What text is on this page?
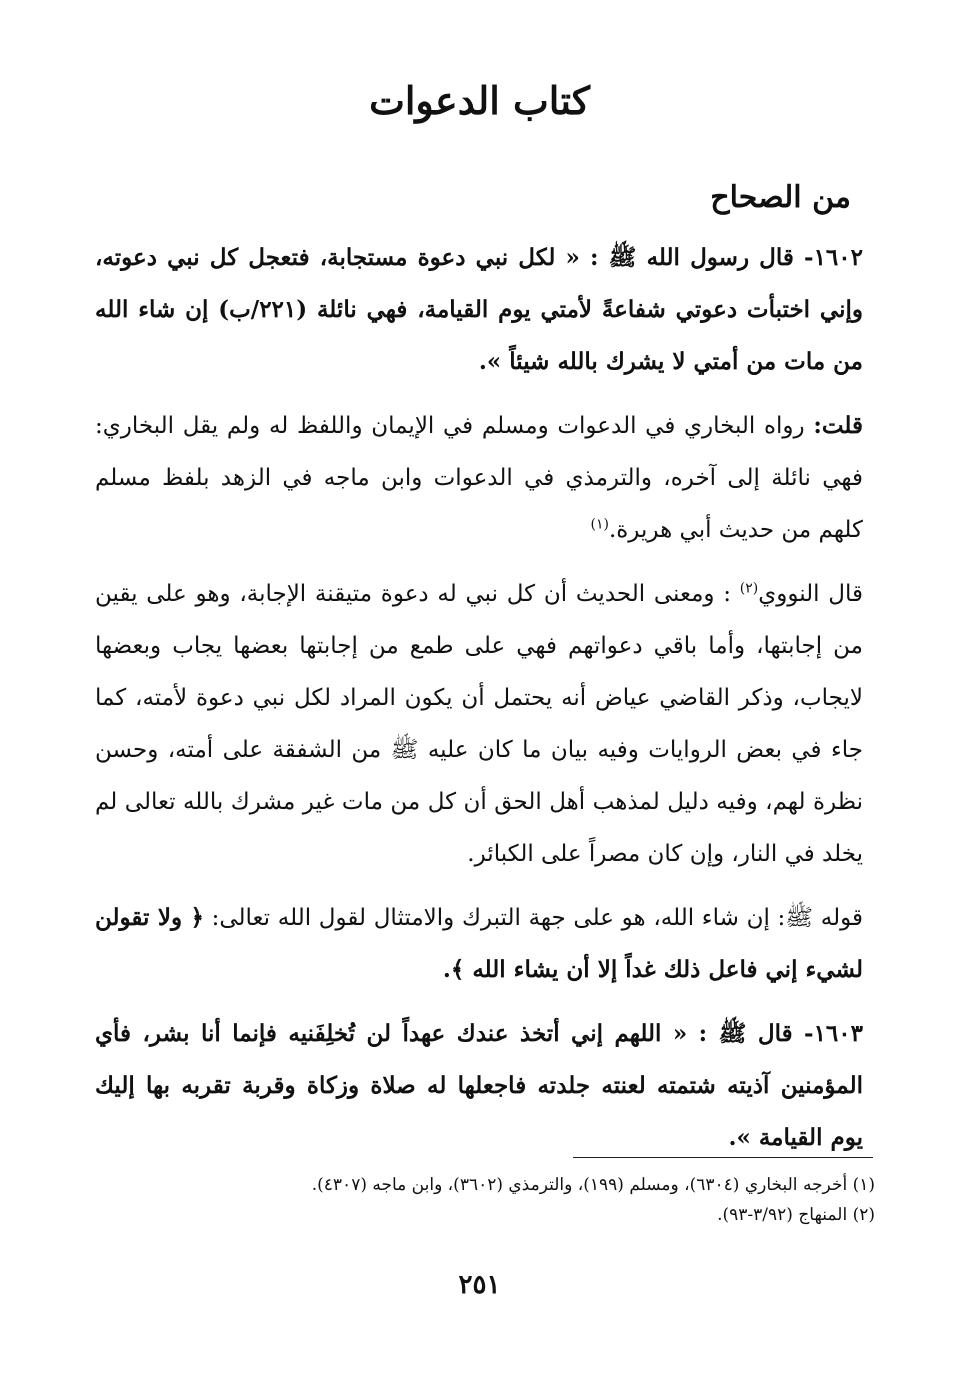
كتاب الدعوات
من الصحاح

١٦٠٢- قال رسول الله ﷺ : « لكل نبي دعوة مستجابة، فتعجل كل نبي دعوته، وإني اختبأت دعوتي شفاعةً لأمتي يوم القيامة، فهي نائلة (٢٢١/ب) إن شاء الله من مات من أمتي لا يشرك بالله شيئاً ».

قلت: رواه البخاري في الدعوات ومسلم في الإيمان واللفظ له ولم يقل البخاري: فهي نائلة إلى آخره، والترمذي في الدعوات وابن ماجه في الزهد بلفظ مسلم كلهم من حديث أبي هريرة.$^{(١)}$

قال النووي$^{(٢)}$ : ومعنى الحديث أن كل نبي له دعوة متيقنة الإجابة، وهو على يقين من إجابتها، وأما باقي دعواتهم فهي على طمع من إجابتها بعضها يجاب وبعضها لايجاب، وذكر القاضي عياض أنه يحتمل أن يكون المراد لكل نبي دعوة لأمته، كما جاء في بعض الروايات وفيه بيان ما كان عليه ﷺ من الشفقة على أمته، وحسن نظرة لهم، وفيه دليل لمذهب أهل الحق أن كل من مات غير مشرك بالله تعالى لم يخلد في النار، وإن كان مصراً على الكبائر.

قوله ﷺ: إن شاء الله، هو على جهة التبرك والامتثال لقول الله تعالى: ﴿ ولا تقولن لشيء إني فاعل ذلك غداً إلا أن يشاء الله ﴾.

١٦٠٣- قال ﷺ : « اللهم إني أتخذ عندك عهداً لن تُخلِفَنيه فإنما أنا بشر، فأي المؤمنين آذيته شتمته لعنته جلدته فاجعلها له صلاة وزكاة وقربة تقربه بها إليك يوم القيامة ».

(١) أخرجه البخاري (٦٣٠٤)، ومسلم (١٩٩)، والترمذي (٣٦٠٢)، وابن ماجه (٤٣٠٧).

(٢) المنهاج (٣/٩٢-٩٣).

٢٥١
